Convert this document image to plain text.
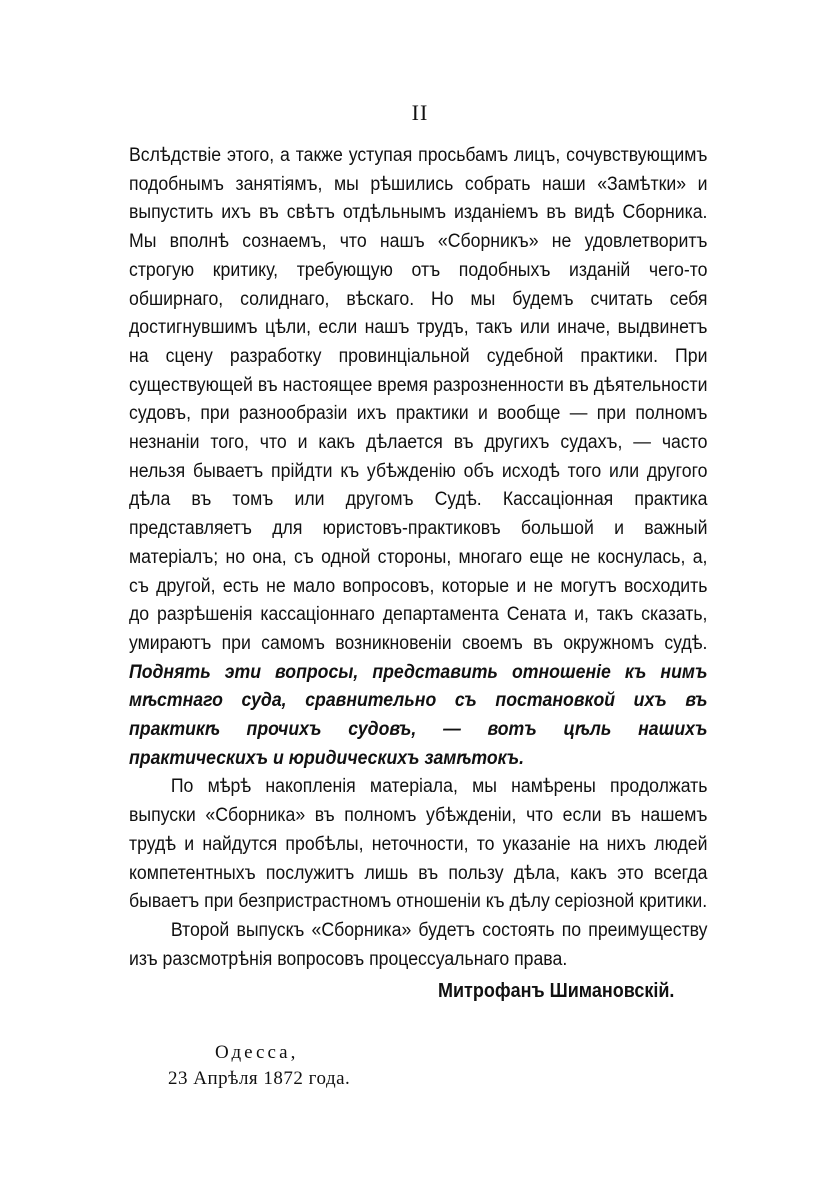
II

Вслѣдствіе этого, а также уступая просьбамъ лицъ, сочувствующимъ подобнымъ занятіямъ, мы рѣшились собрать наши «Замѣтки» и выпустить ихъ въ свѣтъ отдѣльнымъ изданіемъ въ видѣ Сборника. Мы вполнѣ сознаемъ, что нашъ «Сборникъ» не удовлетворитъ строгую критику, требующую отъ подобныхъ изданій чего-то обширнаго, солиднаго, вѣскаго. Но мы будемъ считать себя достигнувшимъ цѣли, если нашъ трудъ, такъ или иначе, выдвинетъ на сцену разработку провинціальной судебной практики. При существующей въ настоящее время разрозненности въ дѣятельности судовъ, при разнообразіи ихъ практики и вообще — при полномъ незнаніи того, что и какъ дѣлается въ другихъ судахъ, — часто нельзя бываетъ прійдти къ убѣжденію объ исходѣ того или другого дѣла въ томъ или другомъ Судѣ. Кассаціонная практика представляетъ для юристовъ-практиковъ большой и важный матеріалъ; но она, съ одной стороны, многаго еще не коснулась, а, съ другой, есть не мало вопросовъ, которые и не могутъ восходить до разрѣшенія кассаціоннаго департамента Сената и, такъ сказать, умираютъ при самомъ возникновеніи своемъ въ окружномъ судѣ. Поднять эти вопросы, представить отношеніе къ нимъ мѣстнаго суда, сравнительно съ постановкой ихъ въ практикѣ прочихъ судовъ, — вотъ цѣль нашихъ практическихъ и юридическихъ замѣтокъ.

По мѣрѣ накопленія матеріала, мы намѣрены продолжать выпуски «Сборника» въ полномъ убѣжденіи, что если въ нашемъ трудѣ и найдутся пробѣлы, неточности, то указаніе на нихъ людей компетентныхъ послужитъ лишь въ пользу дѣла, какъ это всегда бываетъ при безпристрастномъ отношеніи къ дѣлу серіозной критики.

Второй выпускъ «Сборника» будетъ состоять по преимуществу изъ разсмотрѣнія вопросовъ процессуальнаго права.

Митрофанъ Шимановскій.
Одесса,
23 Апрѣля 1872 года.
